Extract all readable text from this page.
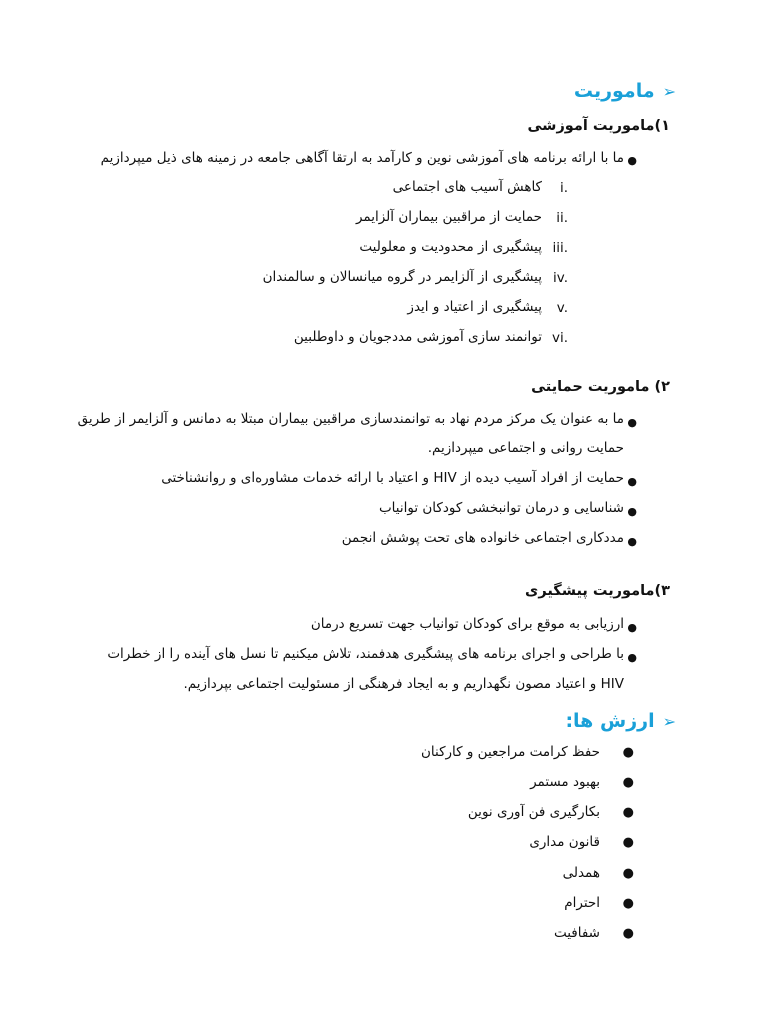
➢
ماموریت
۱)ماموریت آموزشی
●
ما با ارائه برنامه های آموزشی نوین و کارآمد به ارتقا آگاهی جامعه در زمینه های ذیل میپردازیم
i.
کاهش آسیب های اجتماعی
ii.
حمایت از مراقبین بیماران آلزایمر
iii.
پیشگیری از محدودیت و معلولیت
iv.
پیشگیری از آلزایمر در گروه میانسالان و سالمندان
v.
پیشگیری از اعتیاد و ایدز
vi.
توانمند سازی آموزشی مددجویان و داوطلبین
۲) ماموریت حمایتی
●
ما به عنوان یک مرکز مردم نهاد به توانمندسازی مراقبین بیماران مبتلا به دمانس و آلزایمر از طریق
حمایت روانی و اجتماعی میپردازیم.
●
حمایت از افراد آسیب دیده از HIV و اعتیاد با ارائه خدمات مشاوره‌ای و روانشناختی
●
شناسایی و درمان توانبخشی کودکان توانیاب
●
مددکاری اجتماعی خانواده های تحت پوشش انجمن
۳)ماموریت پیشگیری
●
ارزیابی به موقع برای کودکان توانیاب جهت تسریع درمان
●
با طراحی و اجرای برنامه های پیشگیری هدفمند، تلاش میکنیم تا نسل های آینده را از خطرات
HIV و اعتیاد مصون نگهداریم و به ایجاد فرهنگی از مسئولیت اجتماعی بپردازیم.
➢
ارزش ها:
●
حفظ کرامت مراجعین و کارکنان
●
بهبود مستمر
●
بکارگیری فن آوری نوین
●
قانون مداری
●
همدلی
●
احترام
●
شفافیت
